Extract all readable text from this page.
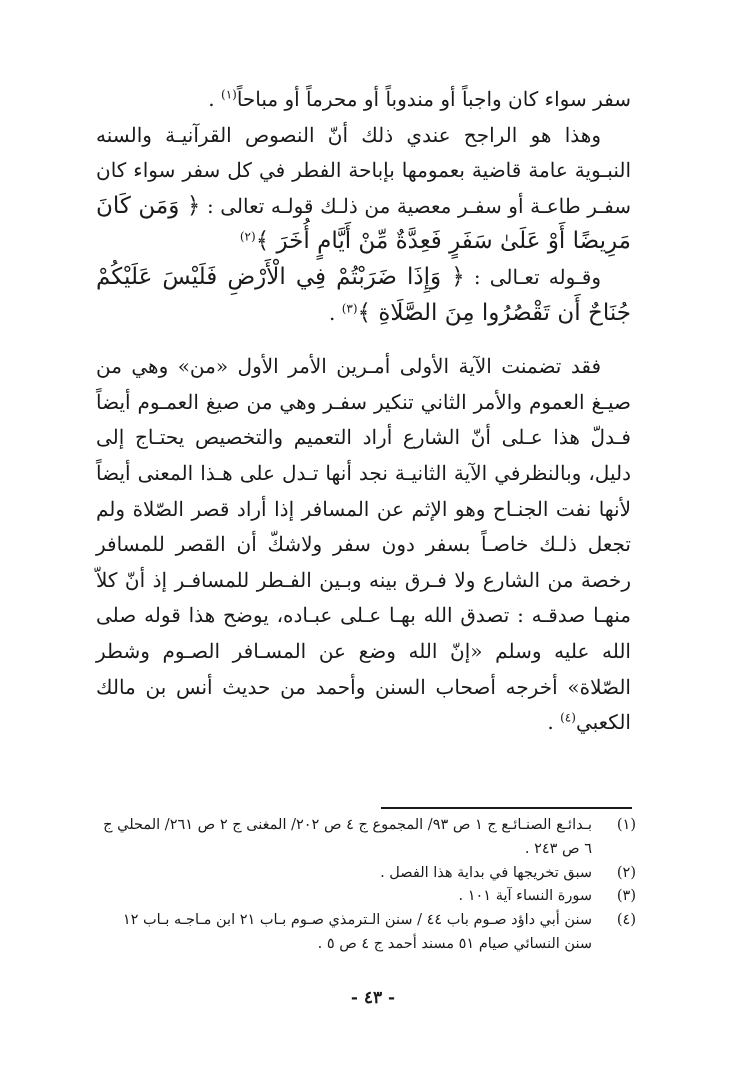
سفر سواء كان واجباً أو مندوباً أو محرماً أو مباحاً$^{(١)}$ .

وهذا هو الراجح عندي ذلك أنّ النصوص القرآنيـة والسنه النبـوية عامة قاضية بعمومها بإباحة الفطر في كل سفر سواء كان سفـر طاعـة أو سفـر معصية من ذلـك قولـه تعالى : ﴿ وَمَن كَانَ مَرِيضًا أَوْ عَلَىٰ سَفَرٍ فَعِدَّةٌ مِّنْ أَيَّامٍ أُخَرَ ﴾$^{(٢)}$

وقـوله تعـالى : ﴿ وَإِذَا ضَرَبْتُمْ فِي الْأَرْضِ فَلَيْسَ عَلَيْكُمْ جُنَاحٌ أَن تَقْصُرُوا مِنَ الصَّلَاةِ ﴾$^{(٣)}$ .

فقد تضمنت الآية الأولى أمـرين الأمر الأول «من» وهي من صيـغ العموم والأمر الثاني تنكير سفـر وهي من صيغ العمـوم أيضاً فـدلّ هذا عـلى أنّ الشارع أراد التعميم والتخصيص يحتـاج إلى دليل، وبالنظرفي الآية الثانيـة نجد أنها تـدل على هـذا المعنى أيضاً لأنها نفت الجنـاح وهو الإثم عن المسافر إذا أراد قصر الصّلاة ولم تجعل ذلـك خاصـاً بسفر دون سفر ولاشكّ أن القصر للمسافر رخصة من الشارع ولا فـرق بينه وبـين الفـطر للمسافـر إذ أنّ كلاّ منهـا صدقـه : تصدق الله بهـا عـلى عبـاده، يوضح هذا قوله صلى الله عليه وسلم «إنّ الله وضع عن المسـافر الصـوم وشطر الصّلاة» أخرجه أصحاب السنن وأحمد من حديث أنس بن مالك الكعبي$^{(٤)}$ .

(١)بـدائـع الصنـائـع ج ١ ص ٩٣/ المجموع ج ٤ ص ٢٠٢/ المغنى ج ٢ ص ٢٦١/ المحلي ج ٦ ص ٢٤٣ .

(٢)سبق تخريجها في بداية هذا الفصل .

(٣)سورة النساء آية ١٠١ .

(٤)سنن أبي داؤد صـوم باب ٤٤ / سنن الـترمذي صـوم بـاب ٢١ ابن مـاجـه بـاب ١٢ سنن النسائي صيام ٥١ مسند أحمد ج ٤ ص ٥ .

- ٤٣ -
